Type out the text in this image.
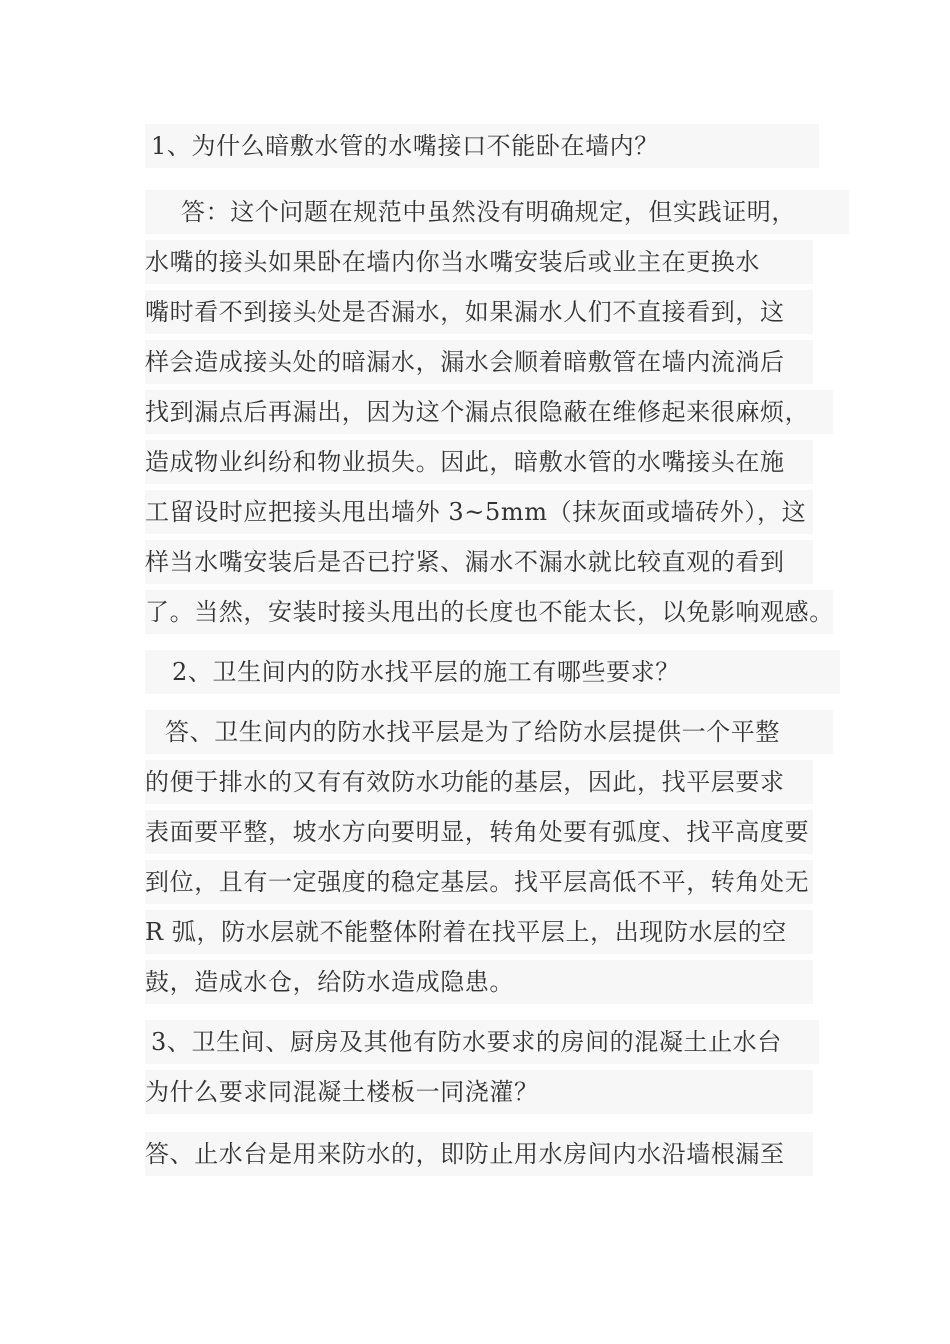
1、为什么暗敷水管的水嘴接口不能卧在墙内？
答：这个问题在规范中虽然没有明确规定，但实践证明，
水嘴的接头如果卧在墙内你当水嘴安装后或业主在更换水
嘴时看不到接头处是否漏水，如果漏水人们不直接看到，这
样会造成接头处的暗漏水，漏水会顺着暗敷管在墙内流淌后
找到漏点后再漏出，因为这个漏点很隐蔽在维修起来很麻烦，
造成物业纠纷和物业损失。因此，暗敷水管的水嘴接头在施
工留设时应把接头甩出墙外 3~5mm（抹灰面或墙砖外），这
样当水嘴安装后是否已拧紧、漏水不漏水就比较直观的看到
了。当然，安装时接头甩出的长度也不能太长，以免影响观感。
2、卫生间内的防水找平层的施工有哪些要求？
答、卫生间内的防水找平层是为了给防水层提供一个平整
的便于排水的又有有效防水功能的基层，因此，找平层要求
表面要平整，坡水方向要明显，转角处要有弧度、找平高度要
到位，且有一定强度的稳定基层。找平层高低不平，转角处无
R 弧，防水层就不能整体附着在找平层上，出现防水层的空
鼓，造成水仓，给防水造成隐患。
3、卫生间、厨房及其他有防水要求的房间的混凝土止水台
为什么要求同混凝土楼板一同浇灌？
答、止水台是用来防水的，即防止用水房间内水沿墙根漏至
